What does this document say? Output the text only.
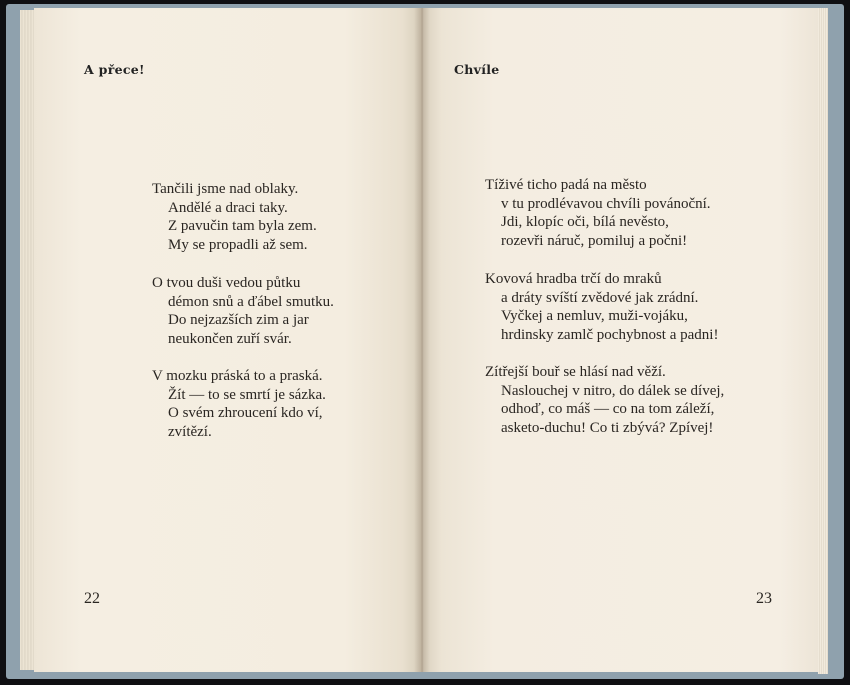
A přece!
Tančili jsme nad oblaky.
Andělé a draci taky.
Z pavučin tam byla zem.
My se propadli až sem.
O tvou duši vedou půtku
démon snů a ďábel smutku.
Do nejzazších zim a jar
neukončen zuří svár.
V mozku práská to a praská.
Žít — to se smrtí je sázka.
O svém zhroucení kdo ví,
zvítězí.
22
Chvíle
Tíživé ticho padá na město
v tu prodlévavou chvíli povánoční.
Jdi, klopíc oči, bílá nevěsto,
rozevři náruč, pomiluj a počni!
Kovová hradba trčí do mraků
a dráty svíští zvědové jak zrádní.
Vyčkej a nemluv, muži-vojáku,
hrdinsky zamlč pochybnost a padni!
Zítřejší bouř se hlásí nad věží.
Naslouchej v nitro, do dálek se dívej,
odhoď, co máš — co na tom záleží,
asketo-duchu! Co ti zbývá? Zpívej!
23
